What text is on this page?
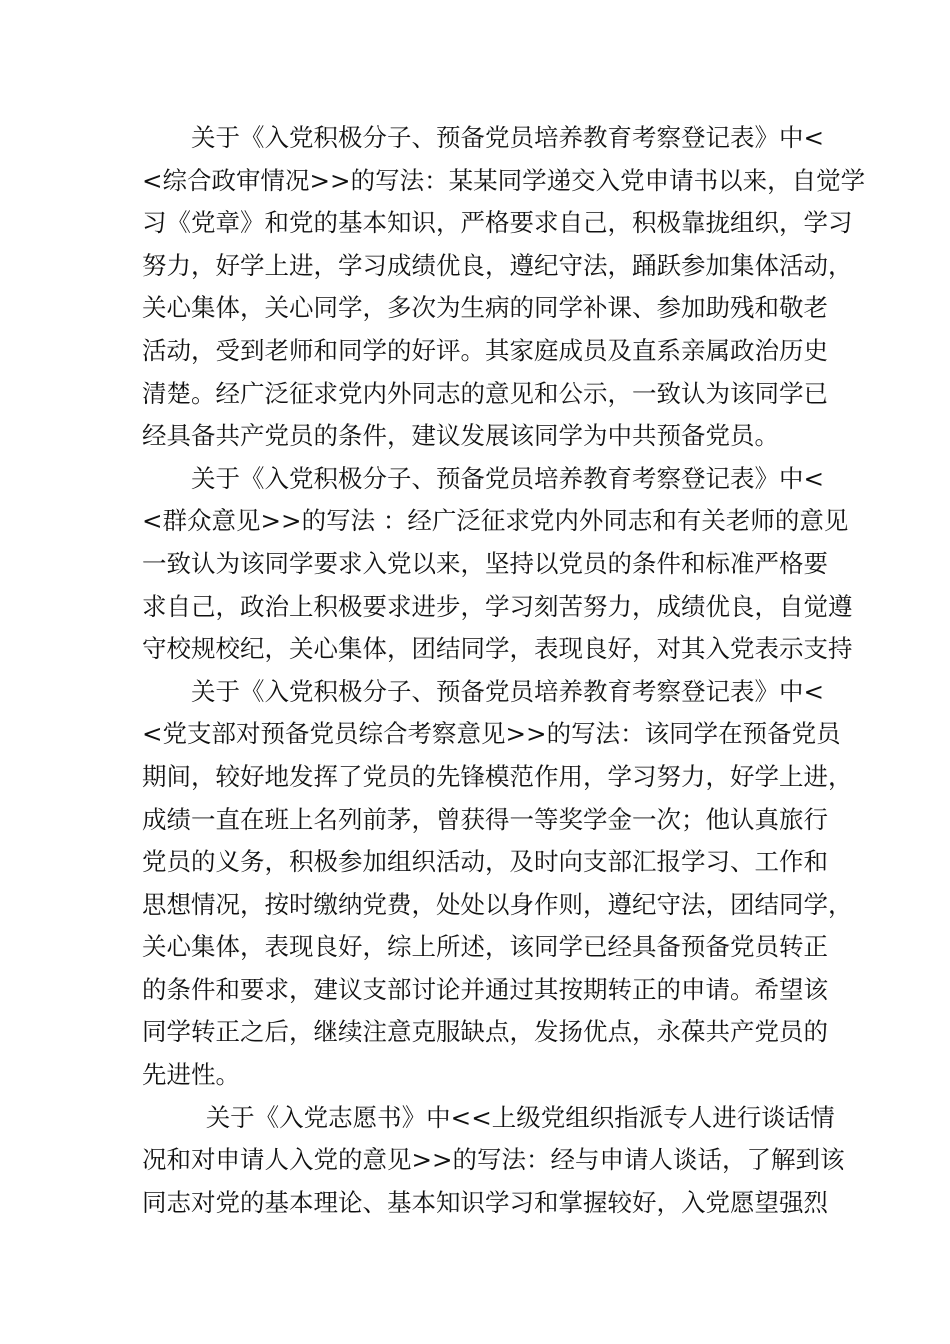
关于《入党积极分子、预备党员培养教育考察登记表》中<
<综合政审情况>>的写法：某某同学递交入党申请书以来，自觉学
习《党章》和党的基本知识，严格要求自己，积极靠拢组织，学习
努力，好学上进，学习成绩优良，遵纪守法，踊跃参加集体活动，
关心集体，关心同学，多次为生病的同学补课、参加助残和敬老
活动，受到老师和同学的好评。其家庭成员及直系亲属政治历史
清楚。经广泛征求党内外同志的意见和公示，一致认为该同学已
经具备共产党员的条件，建议发展该同学为中共预备党员。
关于《入党积极分子、预备党员培养教育考察登记表》中<
<群众意见>>的写法 ：经广泛征求党内外同志和有关老师的意见
一致认为该同学要求入党以来，坚持以党员的条件和标准严格要
求自己，政治上积极要求进步，学习刻苦努力，成绩优良，自觉遵
守校规校纪，关心集体，团结同学，表现良好，对其入党表示支持
关于《入党积极分子、预备党员培养教育考察登记表》中<
<党支部对预备党员综合考察意见>>的写法：该同学在预备党员
期间，较好地发挥了党员的先锋模范作用，学习努力，好学上进，
成绩一直在班上名列前茅，曾获得一等奖学金一次；他认真旅行
党员的义务，积极参加组织活动，及时向支部汇报学习、工作和
思想情况，按时缴纳党费，处处以身作则，遵纪守法，团结同学，
关心集体，表现良好，综上所述，该同学已经具备预备党员转正
的条件和要求，建议支部讨论并通过其按期转正的申请。希望该
同学转正之后，继续注意克服缺点，发扬优点，永葆共产党员的
先进性。
关于《入党志愿书》中<<上级党组织指派专人进行谈话情
况和对申请人入党的意见>>的写法：经与申请人谈话，了解到该
同志对党的基本理论、基本知识学习和掌握较好，入党愿望强烈
